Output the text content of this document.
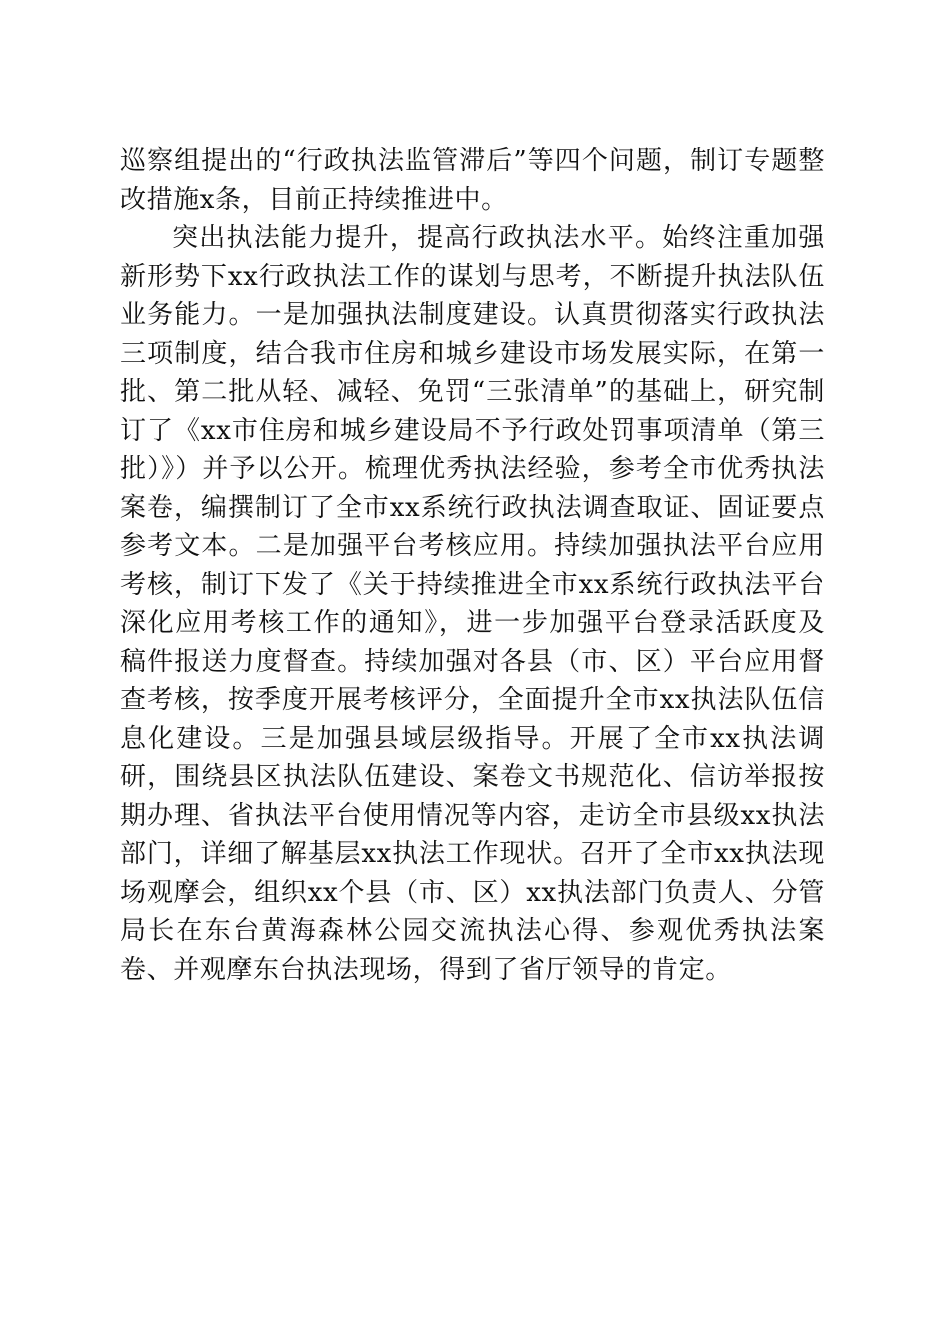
巡察组提出的“行政执法监管滞后”等四个问题，制订专题整改措施x条，目前正持续推进中。

突出执法能力提升，提高行政执法水平。始终注重加强新形势下xx行政执法工作的谋划与思考，不断提升执法队伍业务能力。一是加强执法制度建设。认真贯彻落实行政执法三项制度，结合我市住房和城乡建设市场发展实际，在第一批、第二批从轻、减轻、免罚“三张清单”的基础上，研究制订了《xx市住房和城乡建设局不予行政处罚事项清单（第三批）》）并予以公开。梳理优秀执法经验，参考全市优秀执法案卷，编撰制订了全市xx系统行政执法调查取证、固证要点参考文本。二是加强平台考核应用。持续加强执法平台应用考核，制订下发了《关于持续推进全市xx系统行政执法平台深化应用考核工作的通知》，进一步加强平台登录活跃度及稿件报送力度督查。持续加强对各县（市、区）平台应用督查考核，按季度开展考核评分，全面提升全市xx执法队伍信息化建设。三是加强县域层级指导。开展了全市xx执法调研，围绕县区执法队伍建设、案卷文书规范化、信访举报按期办理、省执法平台使用情况等内容，走访全市县级xx执法部门，详细了解基层xx执法工作现状。召开了全市xx执法现场观摩会，组织xx个县（市、区）xx执法部门负责人、分管局长在东台黄海森林公园交流执法心得、参观优秀执法案卷、并观摩东台执法现场，得到了省厅领导的肯定。
